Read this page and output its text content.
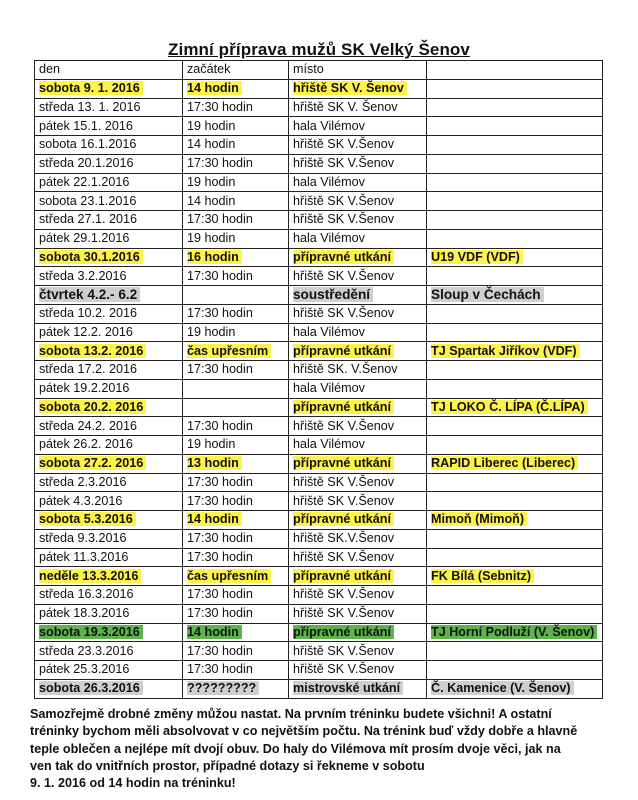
Zimní příprava mužů SK Velký Šenov
den	začátek	místo	
sobota 9. 1. 2016	14 hodin	hřiště SK V. Šenov	
středa 13. 1. 2016	17:30 hodin	hřiště SK V. Šenov	
pátek 15.1. 2016	19 hodin	hala Vilémov	
sobota 16.1.2016	14 hodin	hřiště SK V.Šenov	
středa 20.1.2016	17:30 hodin	hřiště SK V.Šenov	
pátek 22.1.2016	19 hodin	hala Vilémov	
sobota 23.1.2016	14 hodin	hřiště SK V.Šenov	
středa 27.1. 2016	17:30 hodin	hřiště SK V.Šenov	
pátek 29.1.2016	19 hodin	hala Vilémov	
sobota 30.1.2016	16 hodin	přípravné utkání	U19 VDF (VDF)
středa 3.2.2016	17:30 hodin	hřiště SK V.Šenov	
čtvrtek 4.2.- 6.2		soustředění	Sloup v Čechách
středa 10.2. 2016	17:30 hodin	hřiště SK V.Šenov	
pátek 12.2. 2016	19 hodin	hala Vilémov	
sobota 13.2. 2016	čas upřesním	přípravné utkání	TJ Spartak Jiříkov (VDF)
středa 17.2. 2016	17:30 hodin	hřiště SK. V.Šenov	
pátek 19.2.2016		hala Vilémov	
sobota 20.2. 2016		přípravné utkání	TJ LOKO Č. LÍPA (Č.LÍPA)
středa 24.2. 2016	17:30 hodin	hřiště SK V.Šenov	
pátek 26.2. 2016	19 hodin	hala Vilémov	
sobota 27.2. 2016	13 hodin	přípravné utkání	RAPID Liberec (Liberec)
středa 2.3.2016	17:30 hodin	hřiště SK V.Šenov	
pátek 4.3.2016	17:30 hodin	hřiště SK V.Šenov	
sobota 5.3.2016	14 hodin	přípravné utkání	Mimoň (Mimoň)
středa 9.3.2016	17:30 hodin	hřiště SK.V.Šenov	
pátek 11.3.2016	17:30 hodin	hřiště SK V.Šenov	
neděle 13.3.2016	čas upřesním	přípravné utkání	FK Bílá (Sebnitz)
středa 16.3.2016	17:30 hodin	hřiště SK V.Šenov	
pátek 18.3.2016	17:30 hodin	hřiště SK V.Šenov	
sobota 19.3.2016	14 hodin	přípravné utkání	TJ Horní Podluží (V. Šenov)
středa 23.3.2016	17:30 hodin	hřiště SK V.Šenov	
pátek 25.3.2016	17:30 hodin	hřiště SK V.Šenov	
sobota 26.3.2016	?????????	mistrovské utkání	Č. Kamenice (V. Šenov)
Samozřejmě drobné změny můžou nastat. Na prvním tréninku budete všichni! A ostatní
tréninky bychom měli absolvovat v co největším počtu. Na trénink buď vždy dobře a hlavně
teple oblečen a nejlépe mít dvojí obuv. Do haly do Vilémova mít prosím dvoje věci, jak na
ven tak do vnitřních prostor, případné dotazy si řekneme v sobotu
9. 1. 2016 od 14 hodin na tréninku!
